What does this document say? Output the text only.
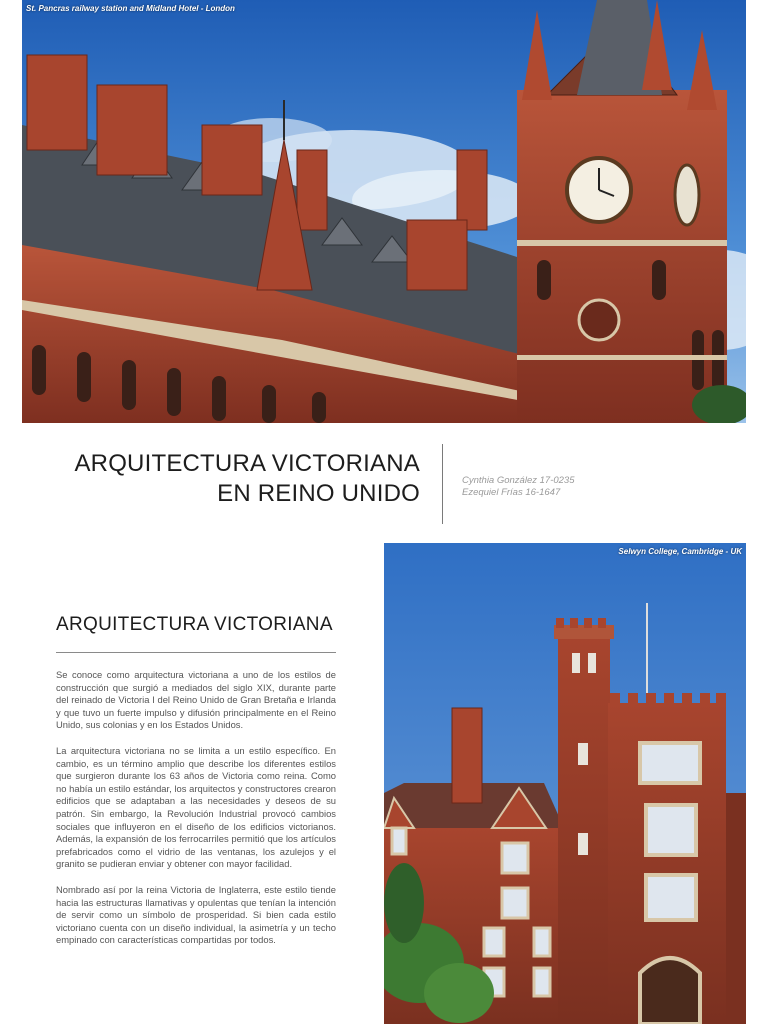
St. Pancras railway station and Midland Hotel - London
ARQUITECTURA VICTORIANA
EN REINO UNIDO	Cynthia González 17-0235
Ezequiel Frías 16-1647
ARQUITECTURA VICTORIANA

Se conoce como arquitectura victoriana a uno de los estilos de construcción que surgió a mediados del siglo XIX, durante parte del reinado de Victoria I del Reino Unido de Gran Bretaña e Irlanda y que tuvo un fuerte impulso y difusión principalmente en el Reino Unido, sus colonias y en los Estados Unidos.

La arquitectura victoriana no se limita a un estilo específico. En cambio, es un término amplio que describe los diferentes estilos que surgieron durante los 63 años de Victoria como reina. Como no había un estilo estándar, los arquitectos y constructores crearon edificios que se adaptaban a las necesidades y deseos de su patrón. Sin embargo, la Revolución Industrial provocó cambios sociales que influyeron en el diseño de los edificios victorianos. Además, la expansión de los ferrocarriles permitió que los artículos prefabricados como el vidrio de las ventanas, los azulejos y el granito se pudieran enviar y obtener con mayor facilidad.

Nombrado así por la reina Victoria de Inglaterra, este estilo tiende hacia las estructuras llamativas y opulentas que tenían la intención de servir como un símbolo de prosperidad. Si bien cada estilo victoriano cuenta con un diseño individual, la asimetría y un techo empinado con características compartidas por todos.

Selwyn College, Cambridge - UK
